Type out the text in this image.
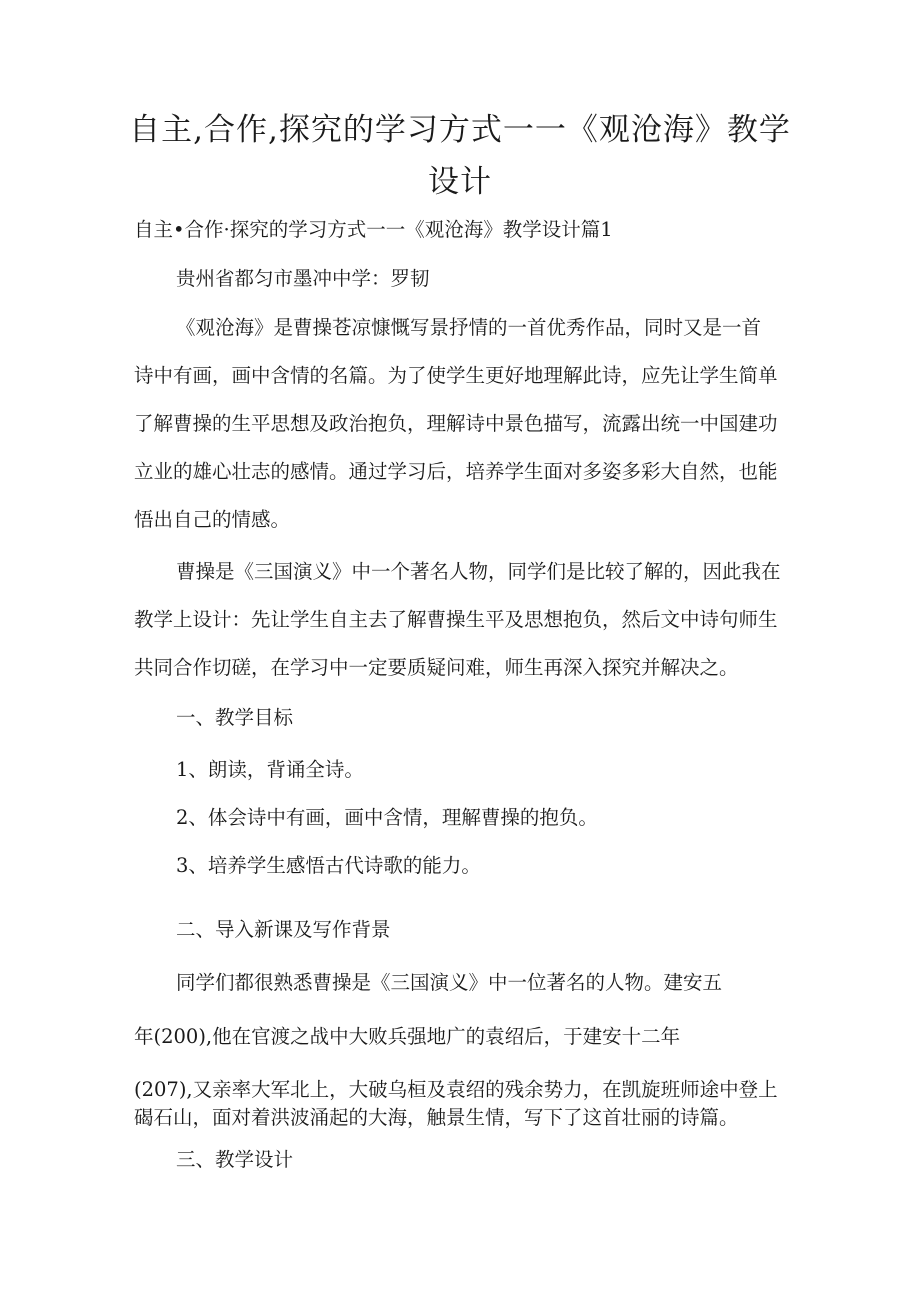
自主,合作,探究的学习方式一一《观沧海》教学
设计

自主•合作·探究的学习方式一一《观沧海》教学设计篇1

贵州省都匀市墨冲中学：罗韧

《观沧海》是曹操苍凉慷慨写景抒情的一首优秀作品，同时又是一首

诗中有画，画中含情的名篇。为了使学生更好地理解此诗，应先让学生简单

了解曹操的生平思想及政治抱负，理解诗中景色描写，流露出统一中国建功

立业的雄心壮志的感情。通过学习后，培养学生面对多姿多彩大自然，也能

悟出自己的情感。

曹操是《三国演义》中一个著名人物，同学们是比较了解的，因此我在

教学上设计：先让学生自主去了解曹操生平及思想抱负，然后文中诗句师生

共同合作切磋，在学习中一定要质疑问难，师生再深入探究并解决之。

一、教学目标

1、朗读，背诵全诗。

2、体会诗中有画，画中含情，理解曹操的抱负。

3、培养学生感悟古代诗歌的能力。

二、导入新课及写作背景

同学们都很熟悉曹操是《三国演义》中一位著名的人物。建安五

年(200),他在官渡之战中大败兵强地广的袁绍后，于建安十二年

(207),又亲率大军北上，大破乌桓及袁绍的残余势力，在凯旋班师途中登上

碣石山，面对着洪波涌起的大海，触景生情，写下了这首壮丽的诗篇。

三、教学设计
